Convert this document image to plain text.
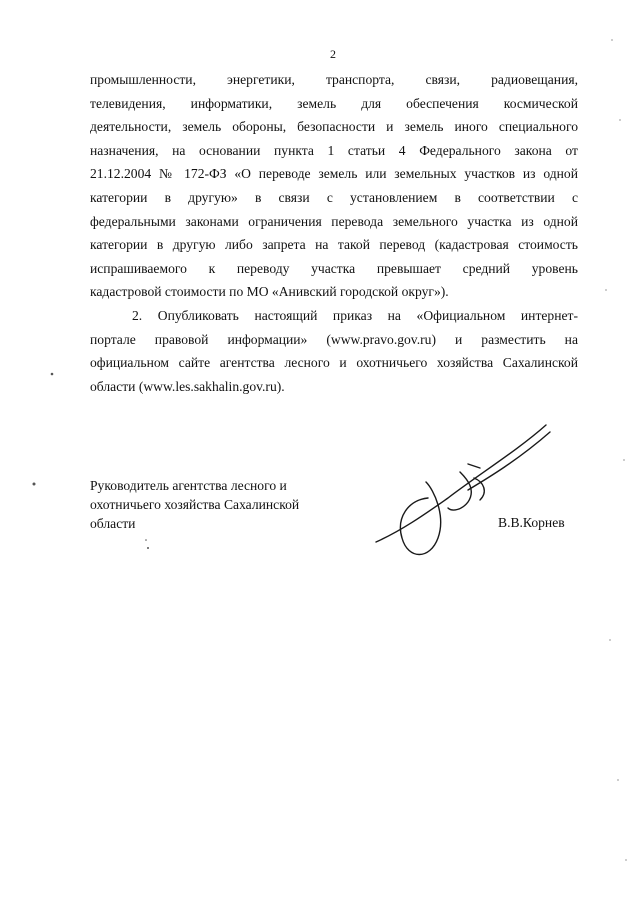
2

промышленности, энергетики, транспорта, связи, радиовещания,
телевидения, информатики, земель для обеспечения космической
деятельности, земель обороны, безопасности и земель иного специального
назначения, на основании пункта 1 статьи 4 Федерального закона от
21.12.2004 № 172-ФЗ «О переводе земель или земельных участков из одной
категории в другую» в связи с установлением в соответствии с
федеральными законами ограничения перевода земельного участка из одной
категории в другую либо запрета на такой перевод (кадастровая стоимость
испрашиваемого к переводу участка превышает средний уровень
кадастровой стоимости по МО «Анивский городской округ»).
2. Опубликовать настоящий приказ на «Официальном интернет-
портале правовой информации» (www.pravo.gov.ru) и разместить на
официальном сайте агентства лесного и охотничьего хозяйства Сахалинской
области (www.les.sakhalin.gov.ru).
Руководитель агентства лесного и
охотничьего хозяйства Сахалинской
области	В.В.Корнев
